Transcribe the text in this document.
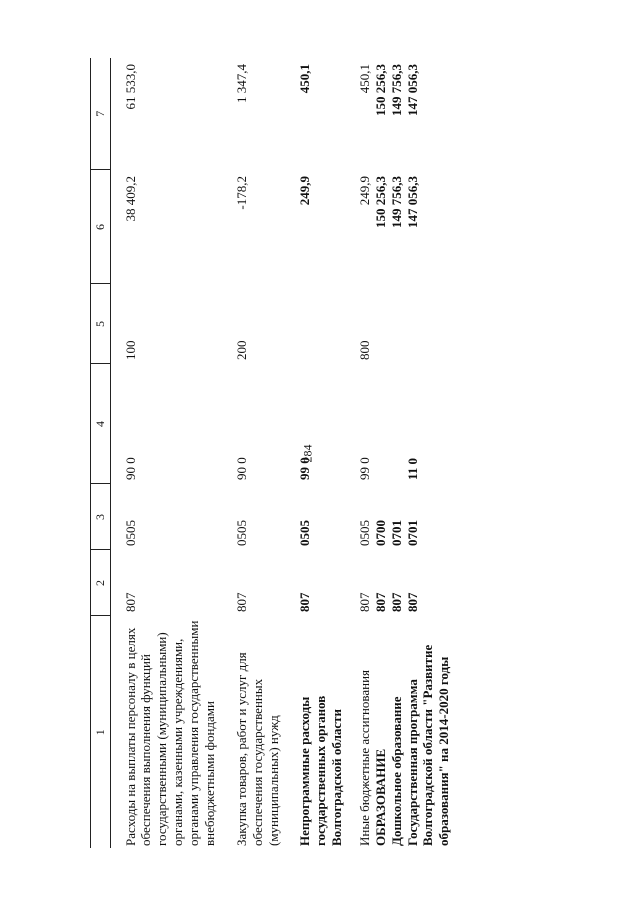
284
1	2	3	4	5	6	7

Расходы на выплаты персоналу в целях обеспечения выполнения функций государственными (муниципальными) органами, казенными учреждениями, органами управления государственными внебюджетными фондами	807	0505	90 0	100	38 409,2	61 533,0

Закупка товаров, работ и услуг для обеспечения государственных (муниципальных) нужд	807	0505	90 0	200	-178,2	1 347,4

Непрограммные расходы государственных органов Волгоградской области	807	0505	99 0		249,9	450,1

Иные бюджетные ассигнования	807	0505	99 0	800	249,9	450,1
ОБРАЗОВАНИЕ	807	0700			150 256,3	150 256,3
Дошкольное образование	807	0701			149 756,3	149 756,3
Государственная программа Волгоградской области "Развитие образования" на 2014-2020 годы	807	0701	11 0		147 056,3	147 056,3
